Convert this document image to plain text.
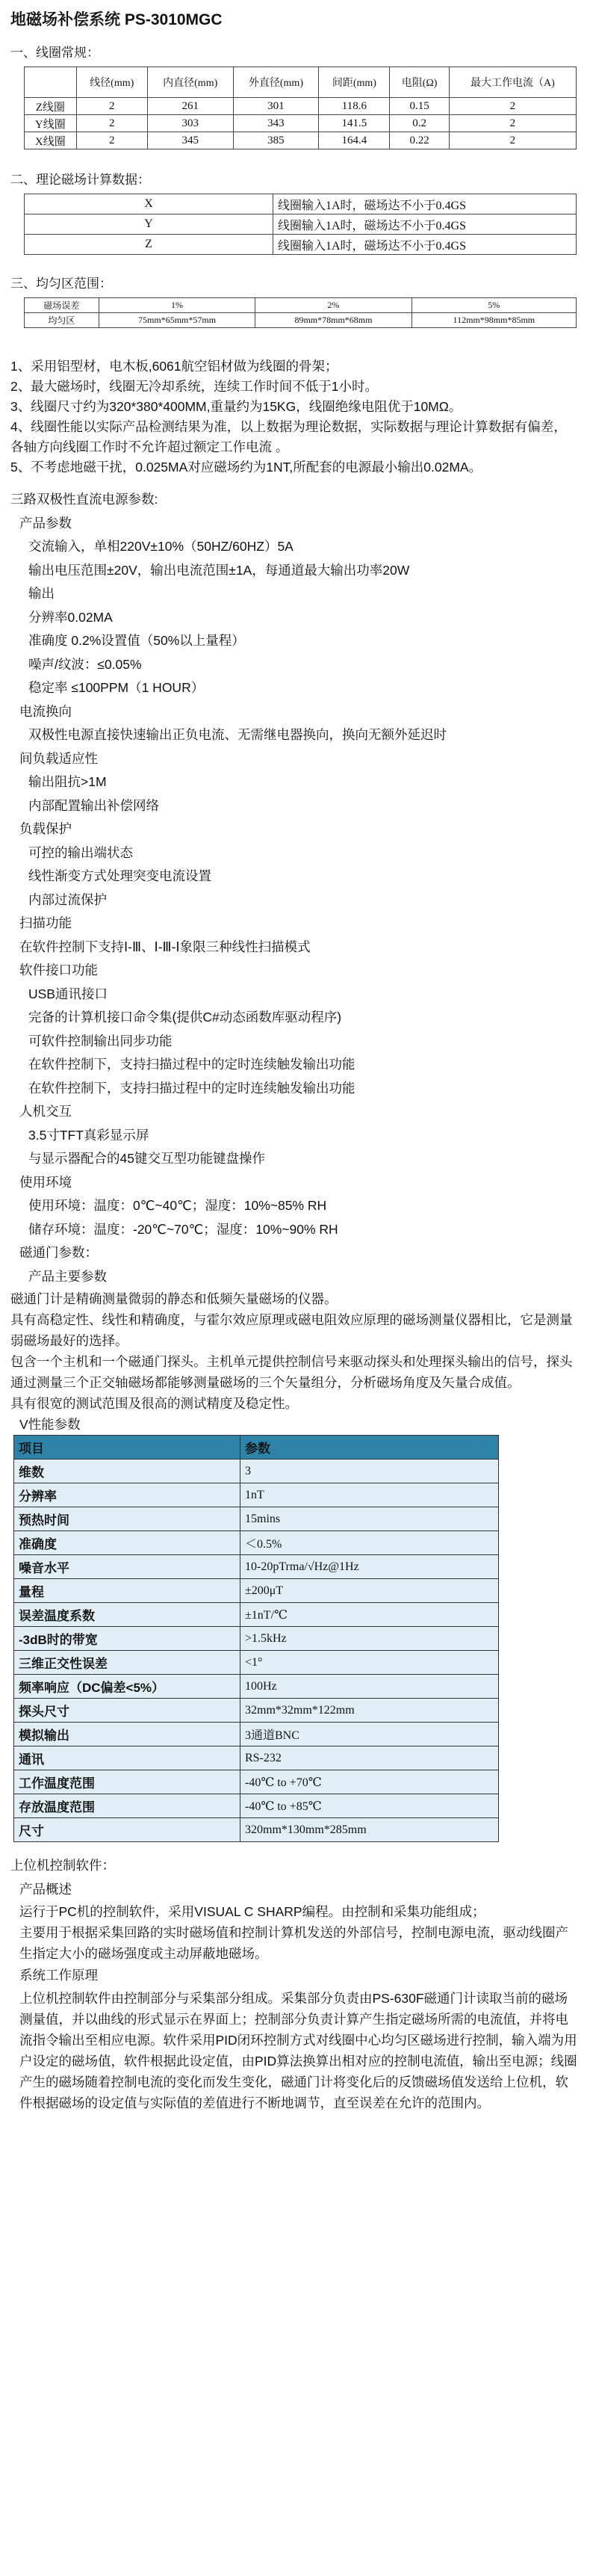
地磁场补偿系统 PS-3010MGC
一、线圈常规：
	线径(mm)	内直径(mm)	外直径(mm)	间距(mm)	电阻(Ω)	最大工作电流（A)
Z线圈	2	261	301	118.6	0.15	2
Y线圈	2	303	343	141.5	0.2	2
X线圈	2	345	385	164.4	0.22	2
二、理论磁场计算数据：
X	线圈输入1A时，磁场达不小于0.4GS
Y	线圈输入1A时，磁场达不小于0.4GS
Z	线圈输入1A时，磁场达不小于0.4GS
三、均匀区范围：
磁场误差	1%	2%	5%
均匀区	75mm*65mm*57mm	89mm*78mm*68mm	112mm*98mm*85mm

1、采用铝型材，电木板,6061航空铝材做为线圈的骨架；

2、最大磁场时，线圈无冷却系统，连续工作时间不低于1小时。

3、线圈尺寸约为320*380*400MM,重量约为15KG，线圈绝缘电阻优于10MΩ。

4、线圈性能以实际产品检测结果为准，以上数据为理论数据，实际数据与理论计算数据有偏差，各轴方向线圈工作时不允许超过额定工作电流 。

5、不考虑地磁干扰，0.025MA对应磁场约为1NT,所配套的电源最小输出0.02MA。

三路双极性直流电源参数:
产品参数
交流输入，单相220V±10%（50HZ/60HZ）5A
输出电压范围±20V，输出电流范围±1A，每通道最大输出功率20W
输出
分辨率0.02MA
准确度 0.2%设置值（50%以上量程）
噪声/纹波：≤0.05%
稳定率 ≤100PPM（1 HOUR）
电流换向
双极性电源直接快速输出正负电流、无需继电器换向，换向无额外延迟时
间负载适应性
输出阻抗>1M
内部配置输出补偿网络
负载保护
可控的输出端状态
线性渐变方式处理突变电流设置
内部过流保护
扫描功能
在软件控制下支持Ⅰ-Ⅲ、Ⅰ-Ⅲ-Ⅰ象限三种线性扫描模式
软件接口功能
USB通讯接口
完备的计算机接口命令集(提供C#动态函数库驱动程序)
可软件控制输出同步功能
在软件控制下，支持扫描过程中的定时连续触发输出功能
在软件控制下，支持扫描过程中的定时连续触发输出功能
人机交互
3.5寸TFT真彩显示屏
与显示器配合的45键交互型功能键盘操作
使用环境
使用环境：温度：0℃~40℃；湿度：10%~85% RH
储存环境：温度：-20℃~70℃；湿度：10%~90% RH
磁通门参数：
产品主要参数
磁通门计是精确测量微弱的静态和低频矢量磁场的仪器。
具有高稳定性、线性和精确度，与霍尔效应原理或磁电阻效应原理的磁场测量仪器相比，它是测量弱磁场最好的选择。
包含一个主机和一个磁通门探头。主机单元提供控制信号来驱动探头和处理探头输出的信号，探头通过测量三个正交轴磁场都能够测量磁场的三个矢量组分，分析磁场角度及矢量合成值。
具有很宽的测试范围及很高的测试精度及稳定性。
V性能参数
项目	参数
维数	3
分辨率	1nT
预热时间	15mins
准确度	＜0.5%
噪音水平	10-20pTrma/√Hz@1Hz
量程	±200μT
误差温度系数	±1nT/℃
-3dB时的带宽	>1.5kHz
三维正交性误差	<1°
频率响应（DC偏差<5%）	100Hz
探头尺寸	32mm*32mm*122mm
模拟输出	3通道BNC
通讯	RS-232
工作温度范围	-40℃ to +70℃
存放温度范围	-40℃ to +85℃
尺寸	320mm*130mm*285mm
上位机控制软件：
产品概述
运行于PC机的控制软件，采用VISUAL C SHARP编程。由控制和采集功能组成；
主要用于根据采集回路的实时磁场值和控制计算机发送的外部信号，控制电源电流，驱动线圈产生指定大小的磁场强度或主动屏蔽地磁场。
系统工作原理
上位机控制软件由控制部分与采集部分组成。采集部分负责由PS-630F磁通门计读取当前的磁场测量值，并以曲线的形式显示在界面上；控制部分负责计算产生指定磁场所需的电流值，并将电流指令输出至相应电源。软件采用PID闭环控制方式对线圈中心均匀区磁场进行控制，输入端为用户设定的磁场值，软件根据此设定值，由PID算法换算出相对应的控制电流值，输出至电源；线圈产生的磁场随着控制电流的变化而发生变化，磁通门计将变化后的反馈磁场值发送给上位机，软件根据磁场的设定值与实际值的差值进行不断地调节，直至误差在允许的范围内。
